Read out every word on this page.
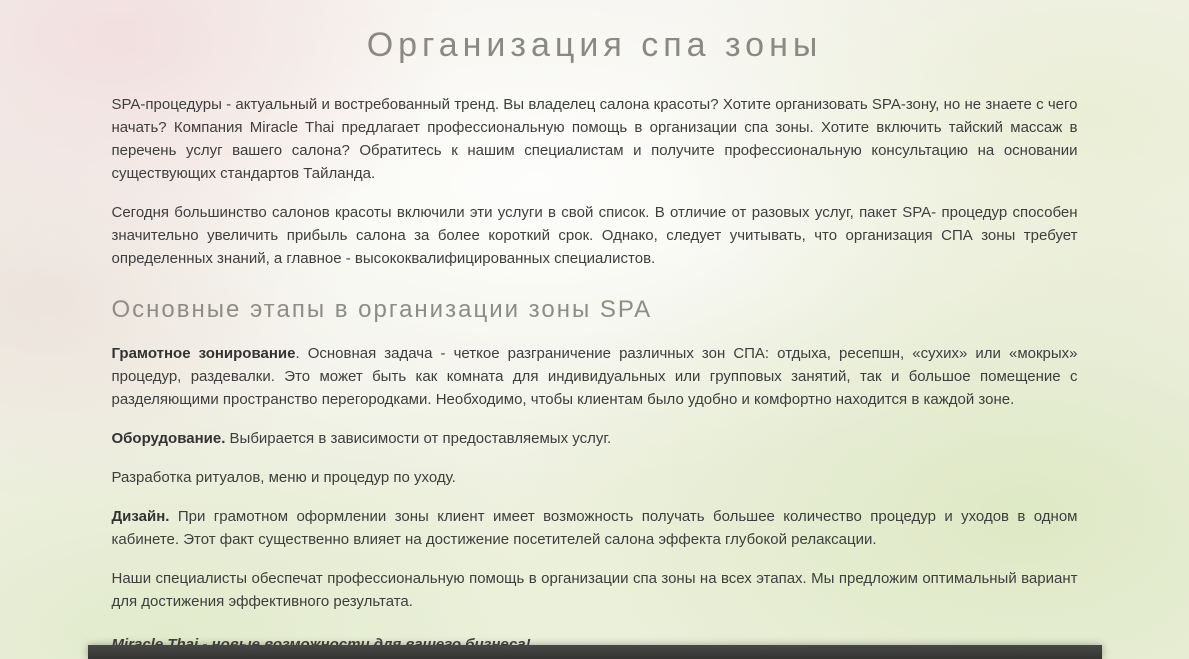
Организация спа зоны

SPA-процедуры - актуальный и востребованный тренд. Вы владелец салона красоты? Хотите организовать SPA-зону, но не знаете с чего начать? Компания Miracle Thai предлагает профессиональную помощь в организации спа зоны. Хотите включить тайский массаж в перечень услуг вашего салона? Обратитесь к нашим специалистам и получите профессиональную консультацию на основании существующих стандартов Тайланда.

Сегодня большинство салонов красоты включили эти услуги в свой список. В отличие от разовых услуг, пакет SPA- процедур способен значительно увеличить прибыль салона за более короткий срок. Однако, следует учитывать, что организация СПА зоны требует определенных знаний, а главное - высококвалифицированных специалистов.

Основные этапы в организации зоны SPA

Грамотное зонирование. Основная задача - четкое разграничение различных зон СПА: отдыха, ресепшн, «сухих» или «мокрых» процедур, раздевалки. Это может быть как комната для индивидуальных или групповых занятий, так и большое помещение с разделяющими пространство перегородками. Необходимо, чтобы клиентам было удобно и комфортно находится в каждой зоне.

Оборудование. Выбирается в зависимости от предоставляемых услуг.

Разработка ритуалов, меню и процедур по уходу.

Дизайн. При грамотном оформлении зоны клиент имеет возможность получать большее количество процедур и уходов в одном кабинете. Этот факт существенно влияет на достижение посетителей салона эффекта глубокой релаксации.

Наши специалисты обеспечат профессиональную помощь в организации спа зоны на всех этапах. Мы предложим оптимальный вариант для достижения эффективного результата.
